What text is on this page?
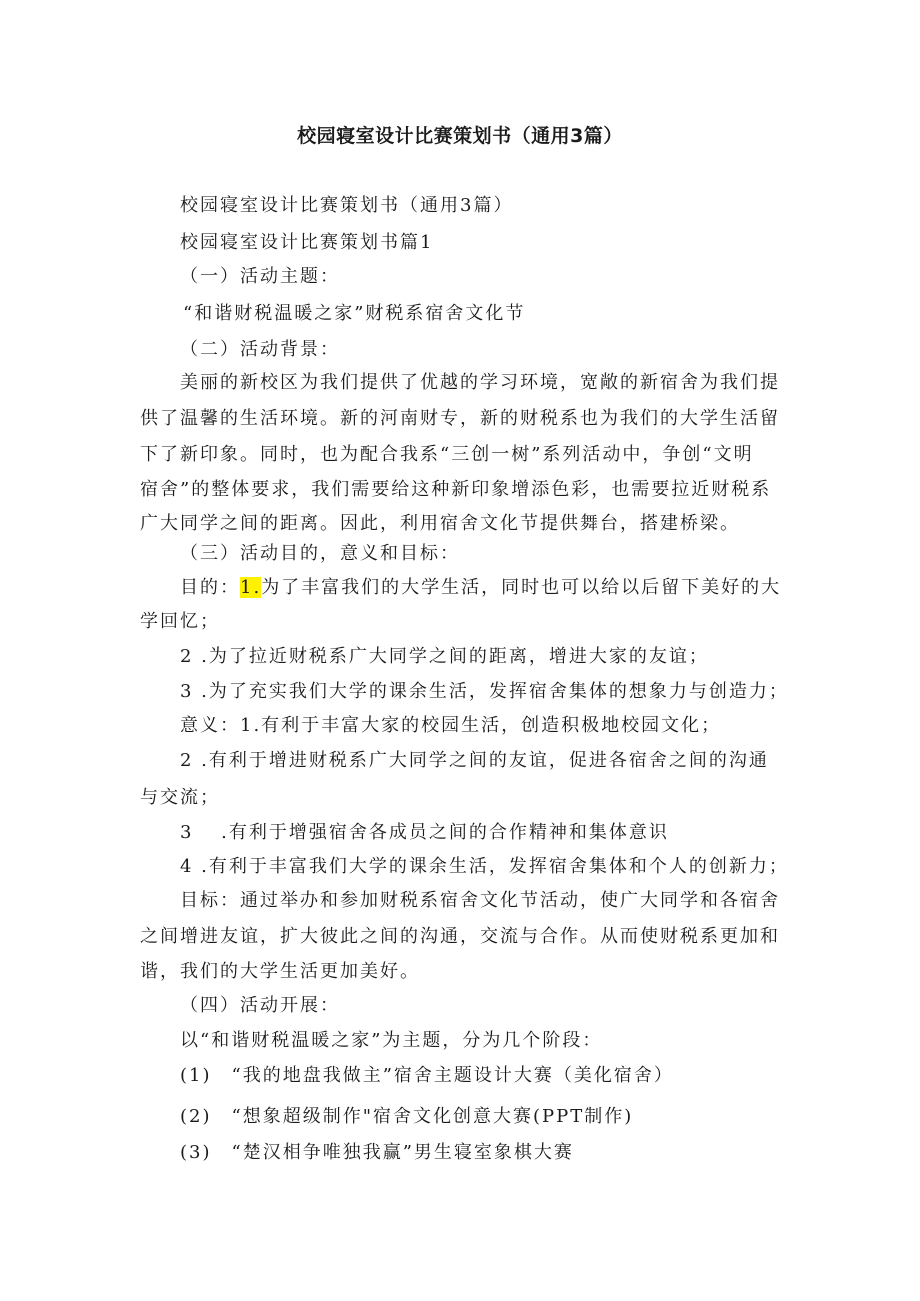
校园寝室设计比赛策划书（通用3篇）
校园寝室设计比赛策划书（通用3篇）
校园寝室设计比赛策划书篇1
（一）活动主题：
“和谐财税温暖之家”财税系宿舍文化节
（二）活动背景：
美丽的新校区为我们提供了优越的学习环境，宽敞的新宿舍为我们提
供了温馨的生活环境。新的河南财专，新的财税系也为我们的大学生活留
下了新印象。同时，也为配合我系“三创一树”系列活动中，争创“文明
宿舍”的整体要求，我们需要给这种新印象增添色彩，也需要拉近财税系
广大同学之间的距离。因此，利用宿舍文化节提供舞台，搭建桥梁。
（三）活动目的，意义和目标：
目的：1.为了丰富我们的大学生活，同时也可以给以后留下美好的大
学回忆；
2 .为了拉近财税系广大同学之间的距离，增进大家的友谊；
3 .为了充实我们大学的课余生活，发挥宿舍集体的想象力与创造力；
意义：1.有利于丰富大家的校园生活，创造积极地校园文化；
2 .有利于增进财税系广大同学之间的友谊，促进各宿舍之间的沟通
与交流；
3　 .有利于增强宿舍各成员之间的合作精神和集体意识
4 .有利于丰富我们大学的课余生活，发挥宿舍集体和个人的创新力；
目标：通过举办和参加财税系宿舍文化节活动，使广大同学和各宿舍
之间增进友谊，扩大彼此之间的沟通，交流与合作。从而使财税系更加和
谐，我们的大学生活更加美好。
（四）活动开展：
以“和谐财税温暖之家”为主题，分为几个阶段：
(1)　“我的地盘我做主”宿舍主题设计大赛（美化宿舍）
(2)　“想象超级制作"宿舍文化创意大赛(PPT制作)
(3)　“楚汉相争唯独我赢”男生寝室象棋大赛
